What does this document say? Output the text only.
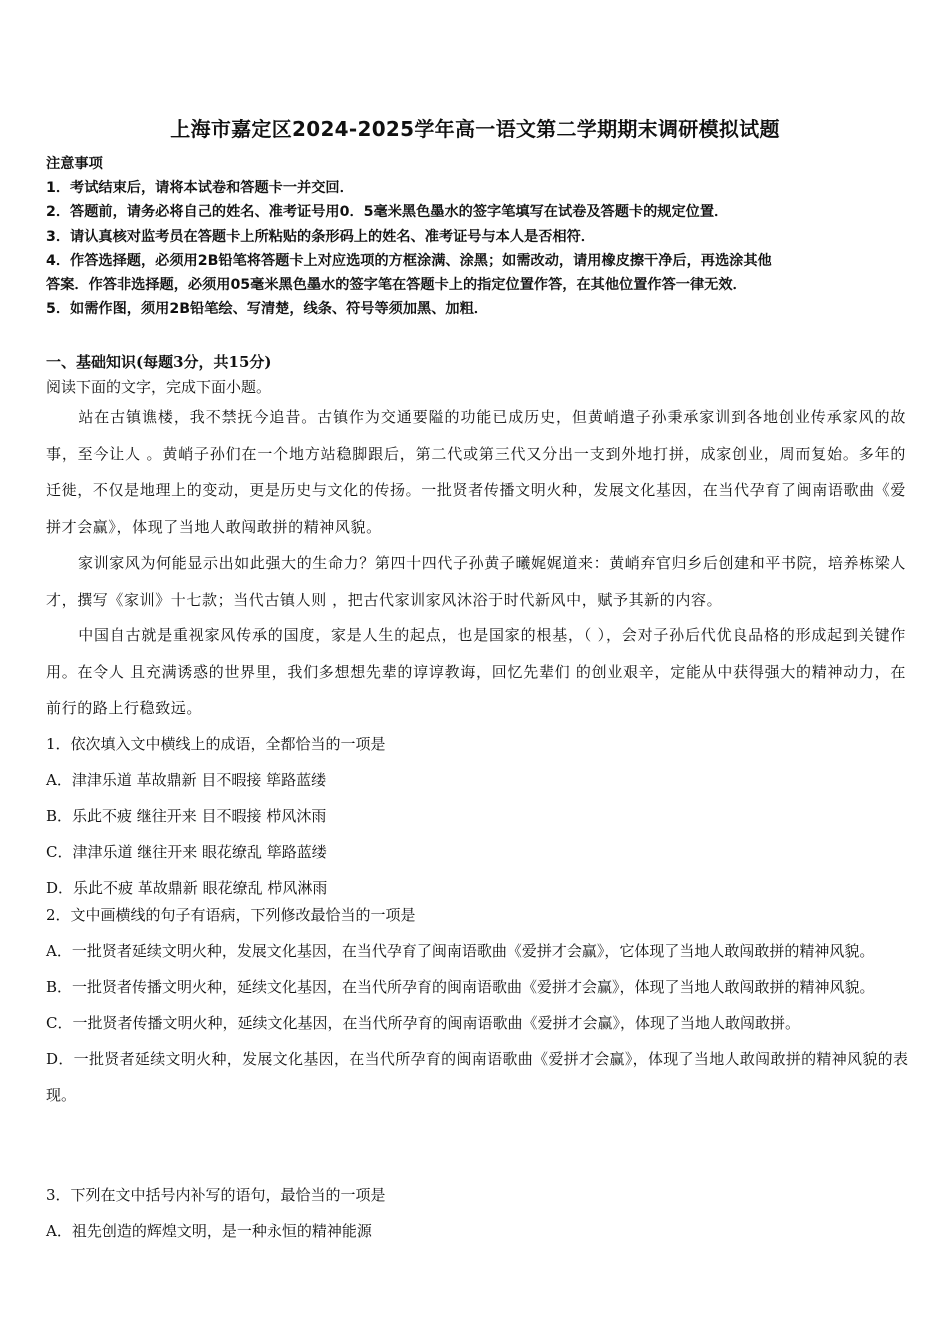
上海市嘉定区2024-2025学年高一语文第二学期期末调研模拟试题
注意事项
1．考试结束后，请将本试卷和答题卡一并交回．
2．答题前，请务必将自己的姓名、准考证号用0．5毫米黑色墨水的签字笔填写在试卷及答题卡的规定位置．
3．请认真核对监考员在答题卡上所粘贴的条形码上的姓名、准考证号与本人是否相符．
4．作答选择题，必须用2B铅笔将答题卡上对应选项的方框涂满、涂黑；如需改动，请用橡皮擦干净后，再选涂其他
答案．作答非选择题，必须用05毫米黑色墨水的签字笔在答题卡上的指定位置作答，在其他位置作答一律无效．
5．如需作图，须用2B铅笔绘、写清楚，线条、符号等须加黑、加粗．
一、基础知识(每题3分，共15分)
阅读下面的文字，完成下面小题。
站在古镇谯楼，我不禁抚今追昔。古镇作为交通要隘的功能已成历史，但黄峭遣子孙秉承家训到各地创业传承家风的故事，至今让人 。黄峭子孙们在一个地方站稳脚跟后，第二代或第三代又分出一支到外地打拼，成家创业，周而复始。多年的迁徙，不仅是地理上的变动，更是历史与文化的传扬。一批贤者传播文明火种，发展文化基因，在当代孕育了闽南语歌曲《爱拼才会赢》，体现了当地人敢闯敢拼的精神风貌。
家训家风为何能显示出如此强大的生命力？第四十四代子孙黄子曦娓娓道来：黄峭弃官归乡后创建和平书院，培养栋梁人才，撰写《家训》十七款；当代古镇人则 ，把古代家训家风沐浴于时代新风中，赋予其新的内容。
中国自古就是重视家风传承的国度，家是人生的起点，也是国家的根基，（ ），会对子孙后代优良品格的形成起到关键作用。在令人 且充满诱惑的世界里，我们多想想先辈的谆谆教诲，回忆先辈们 的创业艰辛，定能从中获得强大的精神动力，在前行的路上行稳致远。
1．依次填入文中横线上的成语，全都恰当的一项是
A．津津乐道 革故鼎新 目不暇接 筚路蓝缕
B．乐此不疲 继往开来 目不暇接 栉风沐雨
C．津津乐道 继往开来 眼花缭乱 筚路蓝缕
D．乐此不疲 革故鼎新 眼花缭乱 栉风淋雨
2．文中画横线的句子有语病，下列修改最恰当的一项是
A．一批贤者延续文明火种，发展文化基因，在当代孕育了闽南语歌曲《爱拼才会赢》，它体现了当地人敢闯敢拼的精神风貌。
B．一批贤者传播文明火种，延续文化基因，在当代所孕育的闽南语歌曲《爱拼才会赢》，体现了当地人敢闯敢拼的精神风貌。
C．一批贤者传播文明火种，延续文化基因，在当代所孕育的闽南语歌曲《爱拼才会赢》，体现了当地人敢闯敢拼。
D．一批贤者延续文明火种，发展文化基因，在当代所孕育的闽南语歌曲《爱拼才会赢》，体现了当地人敢闯敢拼的精神风貌的表现。
3．下列在文中括号内补写的语句，最恰当的一项是
A．祖先创造的辉煌文明，是一种永恒的精神能源
